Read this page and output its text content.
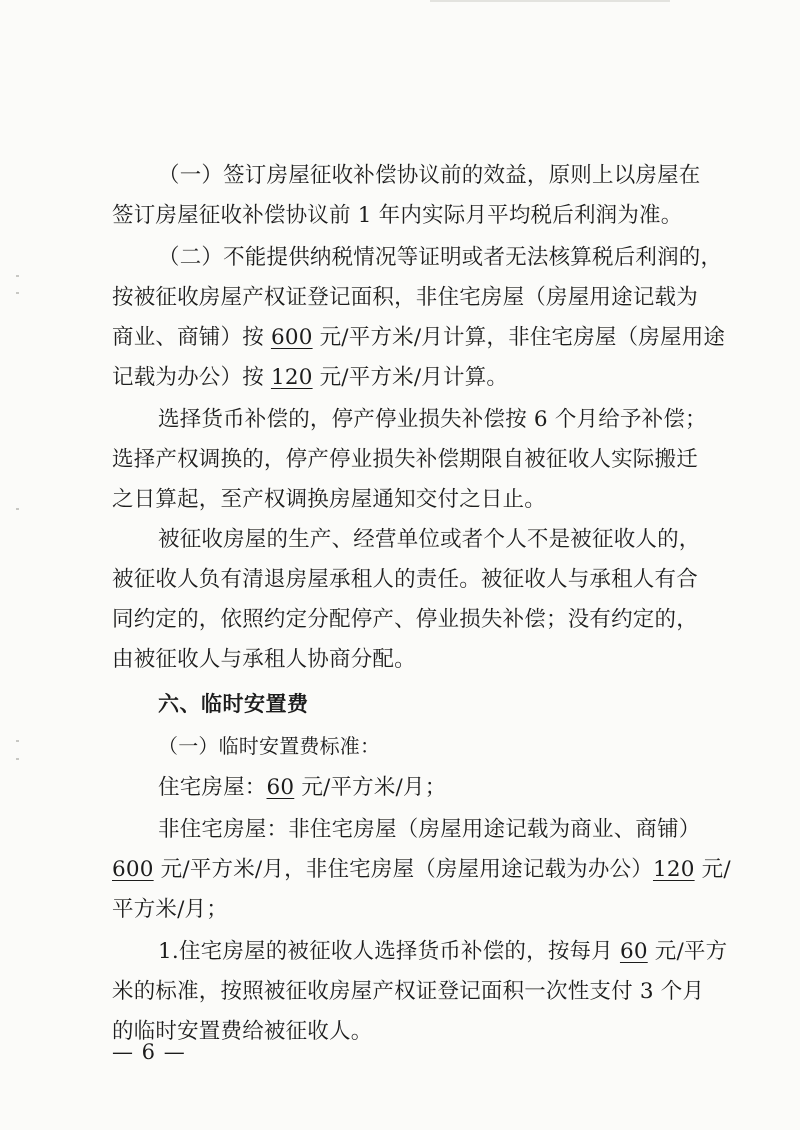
（一）签订房屋征收补偿协议前的效益，原则上以房屋在
签订房屋征收补偿协议前 1 年内实际月平均税后利润为准。
（二）不能提供纳税情况等证明或者无法核算税后利润的，
按被征收房屋产权证登记面积，非住宅房屋（房屋用途记载为
商业、商铺）按 600 元/平方米/月计算，非住宅房屋（房屋用途
记载为办公）按 120 元/平方米/月计算。
选择货币补偿的，停产停业损失补偿按 6 个月给予补偿；
选择产权调换的，停产停业损失补偿期限自被征收人实际搬迁
之日算起，至产权调换房屋通知交付之日止。
被征收房屋的生产、经营单位或者个人不是被征收人的，
被征收人负有清退房屋承租人的责任。被征收人与承租人有合
同约定的，依照约定分配停产、停业损失补偿；没有约定的，
由被征收人与承租人协商分配。
六、临时安置费
（一）临时安置费标准：
住宅房屋：60 元/平方米/月；
非住宅房屋：非住宅房屋（房屋用途记载为商业、商铺）
600 元/平方米/月，非住宅房屋（房屋用途记载为办公）120 元/
平方米/月；
1.住宅房屋的被征收人选择货币补偿的，按每月 60 元/平方
米的标准，按照被征收房屋产权证登记面积一次性支付 3 个月
的临时安置费给被征收人。
— 6 —
